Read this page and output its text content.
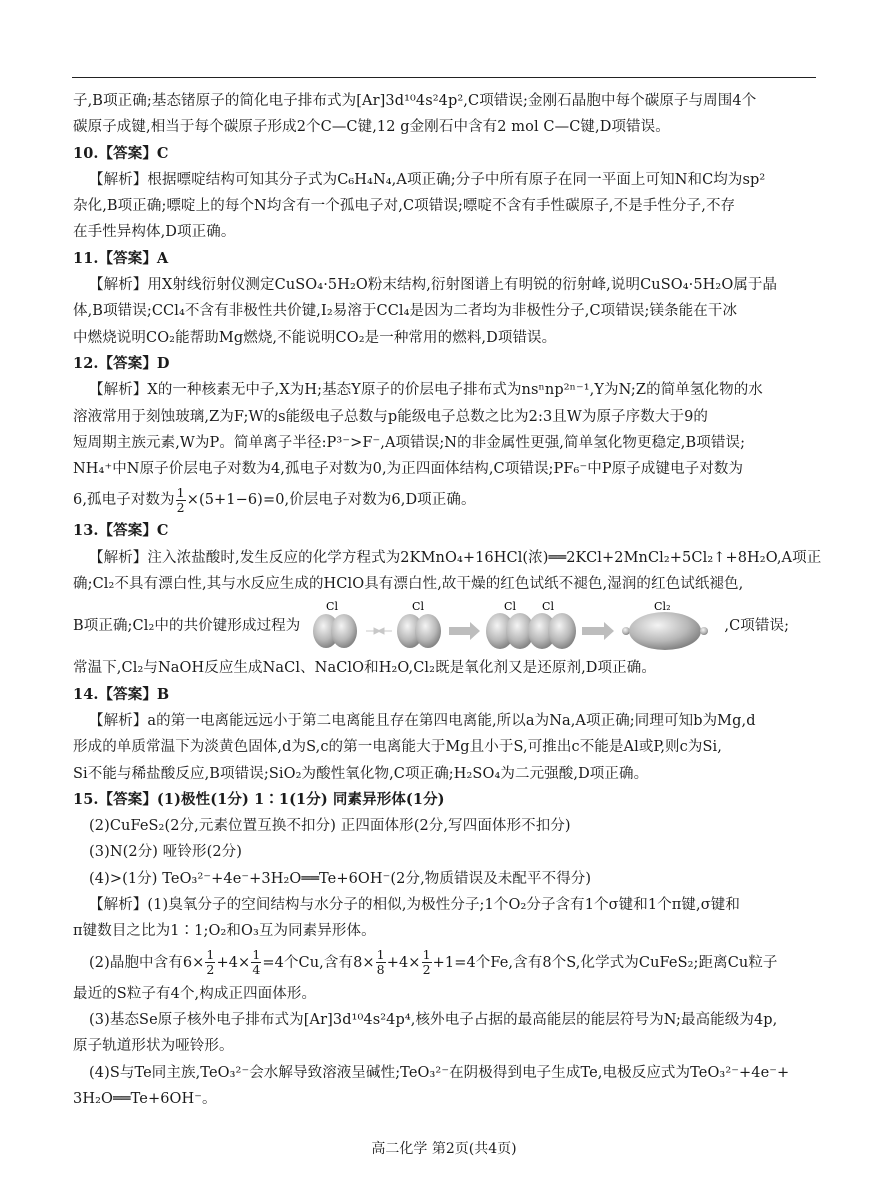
子,B项正确;基态锗原子的简化电子排布式为[Ar]3d¹⁰4s²4p²,C项错误;金刚石晶胞中每个碳原子与周围4个
碳原子成键,相当于每个碳原子形成2个C—C键,12 g金刚石中含有2 mol C—C键,D项错误。
10.【答案】C
【解析】根据嘌啶结构可知其分子式为C₆H₄N₄,A项正确;分子中所有原子在同一平面上可知N和C均为sp²
杂化,B项正确;嘌啶上的每个N均含有一个孤电子对,C项错误;嘌啶不含有手性碳原子,不是手性分子,不存
在手性异构体,D项正确。
11.【答案】A
【解析】用X射线衍射仪测定CuSO₄·5H₂O粉末结构,衍射图谱上有明锐的衍射峰,说明CuSO₄·5H₂O属于晶
体,B项错误;CCl₄不含有非极性共价键,I₂易溶于CCl₄是因为二者均为非极性分子,C项错误;镁条能在干冰
中燃烧说明CO₂能帮助Mg燃烧,不能说明CO₂是一种常用的燃料,D项错误。
12.【答案】D
【解析】X的一种核素无中子,X为H;基态Y原子的价层电子排布式为nsⁿnp²ⁿ⁻¹,Y为N;Z的简单氢化物的水
溶液常用于刻蚀玻璃,Z为F;W的s能级电子总数与p能级电子总数之比为2:3且W为原子序数大于9的
短周期主族元素,W为P。简单离子半径:P³⁻>F⁻,A项错误;N的非金属性更强,简单氢化物更稳定,B项错误;
NH₄⁺中N原子价层电子对数为4,孤电子对数为0,为正四面体结构,C项错误;PF₆⁻中P原子成键电子对数为
6,孤电子对数为 $\frac{1}{2} \times(5+1-6)=0$,价层电子对数为6,D项正确。
13.【答案】C
【解析】注入浓盐酸时,发生反应的化学方程式为2KMnO₄+16HCl(浓)══2KCl+2MnCl₂+5Cl₂↑+8H₂O,A项正
确;Cl₂不具有漂白性,其与水反应生成的HClO具有漂白性,故干燥的红色试纸不褪色,湿润的红色试纸褪色,
B项正确;Cl₂中的共价键形成过程为
Cl	Cl	Cl Cl	Cl₂
,C项错误;
常温下,Cl₂与NaOH反应生成NaCl、NaClO和H₂O,Cl₂既是氧化剂又是还原剂,D项正确。
14.【答案】B
【解析】a的第一电离能远远小于第二电离能且存在第四电离能,所以a为Na,A项正确;同理可知b为Mg,d
形成的单质常温下为淡黄色固体,d为S,c的第一电离能大于Mg且小于S,可推出c不能是Al或P,则c为Si,
Si不能与稀盐酸反应,B项错误;SiO₂为酸性氧化物,C项正确;H₂SO₄为二元强酸,D项正确。
15.【答案】(1)极性(1分) 1∶1(1分) 同素异形体(1分)
(2)CuFeS₂(2分,元素位置互换不扣分) 正四面体形(2分,写四面体形不扣分)
(3)N(2分) 哑铃形(2分)
(4)>(1分) TeO₃²⁻+4e⁻+3H₂O══Te+6OH⁻(2分,物质错误及未配平不得分)
【解析】(1)臭氧分子的空间结构与水分子的相似,为极性分子;1个O₂分子含有1个σ键和1个π键,σ键和
π键数目之比为1∶1;O₂和O₃互为同素异形体。
(2)晶胞中含有$6\times \frac{1}{2} +4\times \frac{1}{4} =4$个Cu,含有$8\times \frac{1}{8} +4\times \frac{1}{2} +1=4$个Fe,含有8个S,化学式为CuFeS₂;距离Cu粒子
最近的S粒子有4个,构成正四面体形。
(3)基态Se原子核外电子排布式为[Ar]3d¹⁰4s²4p⁴,核外电子占据的最高能层的能层符号为N;最高能级为4p,
原子轨道形状为哑铃形。
(4)S与Te同主族,TeO₃²⁻会水解导致溶液呈碱性;TeO₃²⁻在阴极得到电子生成Te,电极反应式为TeO₃²⁻+4e⁻+
3H₂O══Te+6OH⁻。
高二化学 第2页(共4页)
